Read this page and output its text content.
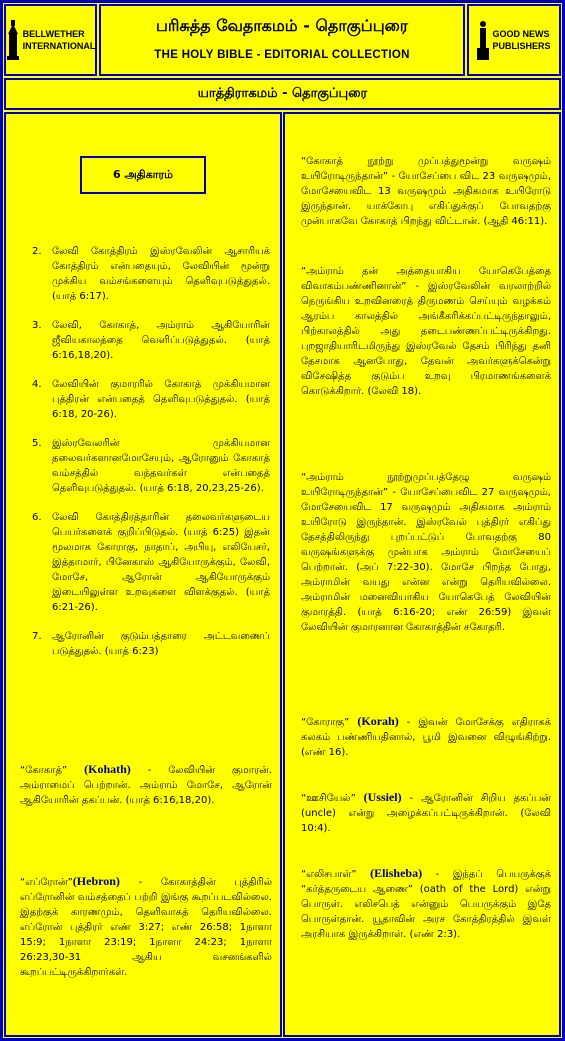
BELLWETHER
INTERNATIONAL
பரிசுத்த வேதாகமம் - தொகுப்புரை
THE HOLY BIBLE - EDITORIAL COLLECTION
GOOD NEWS
PUBLISHERS
யாத்திராகமம் - தொகுப்புரை
6 அதிகாரம்
2. லேவி கோத்திரம் இஸ்ரவேலின் ஆசாரியக் கோத்திரம் என்பதையும், லேவியின் மூன்று முக்கிய வம்சங்களையும் தெளிவுபடுத்துதல். (யாத் 6:17).
3. லேவி, கோகாத், அம்ராம் ஆகியோரின் ஜீவியகாலத்தை வெளிப்படுத்துதல். (யாத் 6:16,18,20).
4. லேவியின் குமாரரில் கோகாத் முக்கியமான புத்திரன் என்பதைத் தெளிவுபடுத்துதல். (யாத் 6:18, 20-26).
5. இஸ்ரவேலரின் முக்கியமான தலைவர்களானமோசேயும், ஆரோனும் கோகாத் வம்சத்தில் வந்தவர்கள் என்பதைத் தெளிவுபடுத்துதல். (யாத் 6:18, 20,23,25-26).
6. லேவி கோத்திரத்தாரின் தலைவர்களுடைய பெயர்களைக் குறிப்பிடுதல். (யாத் 6:25) இதன் மூலமாக கோராகு, நாதாப், அபியு, எலியேசர், இத்தாமார், பினேகாஸ் ஆகியோருக்கும், லேவி, மோசே, ஆரோன் ஆகியோருக்கும் இடையிலுள்ள உறவுகளை விளக்குதல். (யாத் 6:21-26).
7. ஆரோனின் குடும்பத்தாரை அட்டவணைப் படுத்துதல். (யாத் 6:23)
“கோகாத்” (Kohath) - லேவியின் குமாரன். அம்ராமைப் பெற்றான். அம்ராம் மோசே, ஆரோன் ஆகியோரின் தகப்பன். (யாத் 6:16,18,20).
“எப்ரோன்”(Hebron) - கோகாத்தின் புத்திரில் எப்ரோனின் வம்சத்தைப் பற்றி இங்கு கூறப்படவில்லை. இதற்குக் காரணமும், தெளிவாகத் தெரியவில்லை. எப்ரோன் புத்திரர் எண் 3:27; எண் 26:58; 1நாளா 15:9; 1நாளா 23:19; 1நாளா 24:23; 1நாளா 26:23,30-31 ஆகிய வசனங்களில் கூறப்பட்டிருக்கிறார்கள்.
“கோகாத் நூற்று முப்பத்துமூன்று வருஷம் உயிரோடிருந்தான்” - யோசேப்பை விட 23 வருஷமும், மோசேயைவிட 13 வருஷமும் அதிகமாக உயிரோடு இருந்தான். யாக்கோபு எகிப்துக்குப் போவதற்கு முன்பாகவே கோகாத் பிறந்து விட்டான். (ஆதி 46:11).
“அம்ராம் தன் அத்தையாகிய யோகெபேத்தை விவாகம்பண்ணினான்” - இஸ்ரவேலின் வரலாற்றில் நெருங்கிய உறவினரைத் திருமணம் செய்யும் வழக்கம் ஆரம்ப காலத்தில் அங்கீகரிக்கப்பட்டிருந்தாலும், பிற்காலத்தில் அது தடைபண்ணப்பட்டிருக்கிறது. புறஜாதியாரிடமிருந்து இஸ்ரவேல் தேசம் பிரிந்து தனி தேசமாக ஆனபோது, தேவன் அவர்களுக்கென்று விசேஷித்த குடும்ப உறவு பிரமாணங்களைக் கொடுக்கிறார். (லேவி 18).
“அம்ராம் நூற்றுமுப்பத்தேழு வருஷம் உயிரோடிருந்தான்” - யோசேப்பைவிட 27 வருஷமும், மோசேயைவிட 17 வருஷமும் அதிகமாக அம்ராம் உயிரோடு இருந்தான். இஸ்ரவேல் புத்திரர் எகிப்து தேசத்திலிருந்து புறப்பட்டுப் போவதற்கு 80 வருஷங்களுக்கு முன்பாக அம்ராம் மோசேயைப் பெற்றான். (அப் 7:22-30). மோசே பிறந்த போது, அம்ராமின் வயது என்ன என்று தெரியவில்லை. அம்ராமின் மனைவியாகிய யோகெபேத் லேவியின் குமாரத்தி. (யாத் 6:16-20; எண் 26:59) இவள் லேவியின் குமாரனான கோகாத்தின் சகோதரி.
“கோராகு” (Korah) - இவன் மோசேக்கு எதிராகக் கலகம் பண்ணியதினால், பூமி இவனை விழுங்கிற்று. (எண் 16).
“ஊசியேல்” (Ussiel) - ஆரோனின் சிறிய தகப்பன் (uncle) என்று அழைக்கப்பட்டிருக்கிறான். (லேவி 10:4).
“எலிசபாள்” (Elisheba) - இந்தப் பெயருக்குக் “கர்த்தருடைய ஆணை” (oath of the Lord) என்று பொருள். எலிசபெத் என்னும் பெயருக்கும் இதே பொருள்தான். யூதாவின் அரச கோத்திரத்தில் இவள் அரசியாக இருக்கிறாள். (எண் 2:3).
